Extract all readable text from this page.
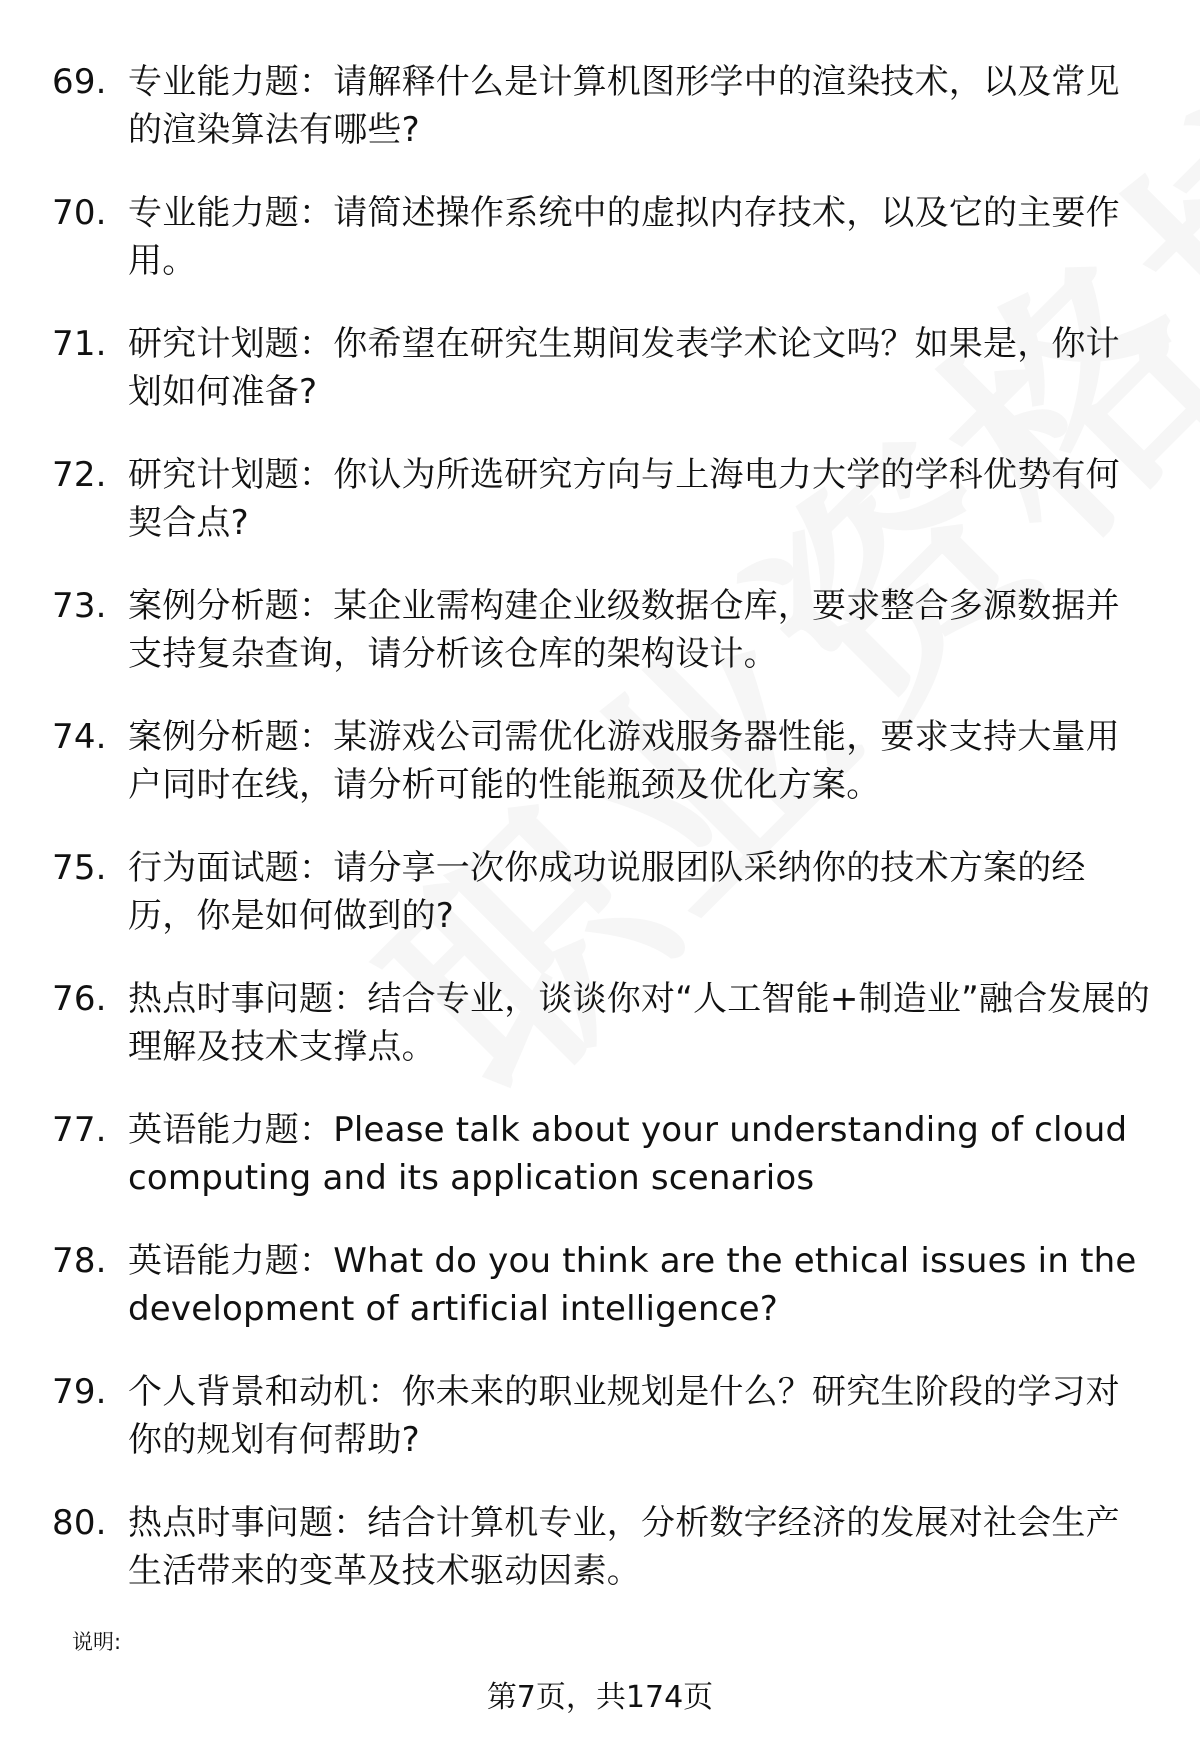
69. 专业能力题：请解释什么是计算机图形学中的渲染技术，以及常见的渲染算法有哪些?
70. 专业能力题：请简述操作系统中的虚拟内存技术，以及它的主要作用。
71. 研究计划题：你希望在研究生期间发表学术论文吗？如果是，你计划如何准备?
72. 研究计划题：你认为所选研究方向与上海电力大学的学科优势有何契合点?
73. 案例分析题：某企业需构建企业级数据仓库，要求整合多源数据并支持复杂查询，请分析该仓库的架构设计。
74. 案例分析题：某游戏公司需优化游戏服务器性能，要求支持大量用户同时在线，请分析可能的性能瓶颈及优化方案。
75. 行为面试题：请分享一次你成功说服团队采纳你的技术方案的经历，你是如何做到的?
76. 热点时事问题：结合专业，谈谈你对“人工智能+制造业”融合发展的理解及技术支撑点。
77. 英语能力题：Please talk about your understanding of cloud computing and its application scenarios
78. 英语能力题：What do you think are the ethical issues in the development of artificial intelligence?
79. 个人背景和动机：你未来的职业规划是什么？研究生阶段的学习对你的规划有何帮助?
80. 热点时事问题：结合计算机专业，分析数字经济的发展对社会生产生活带来的变革及技术驱动因素。
说明:
第7页，共174页
